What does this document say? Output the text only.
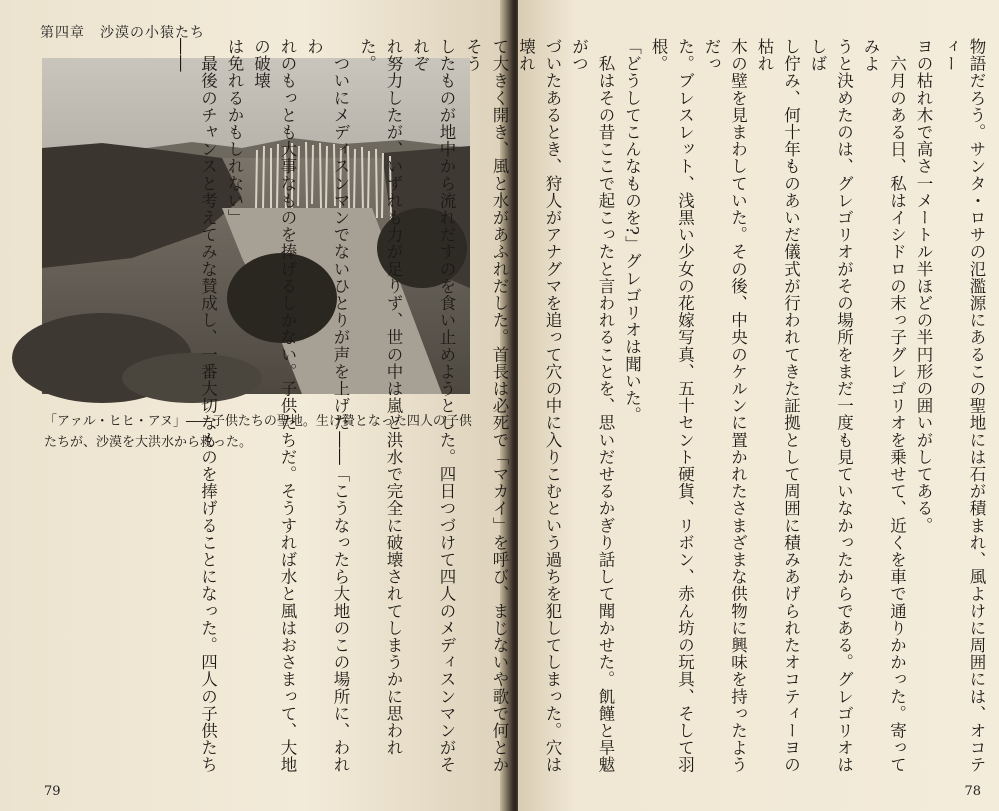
第四章　沙漠の小猿たち
「アァル・ヒヒ・アヌ」――子供たちの聖地。生け贄となった四人の子供たちが、沙漠を大洪水から救った。
79
物語だろう。サンタ・ロサの氾濫源にあるこの聖地には石が積まれ、風よけに周囲には、オコティー
ヨの枯れ木で高さ一メートル半ほどの半円形の囲いがしてある。
　六月のある日、私はイシドロの末っ子グレゴリオを乗せて、近くを車で通りかかった。寄ってみよ
うと決めたのは、グレゴリオがその場所をまだ一度も見ていなかったからである。グレゴリオはしば
し佇み、何十年ものあいだ儀式が行われてきた証拠として周囲に積みあげられたオコティーヨの枯れ
木の壁を見まわしていた。その後、中央のケルンに置かれたさまざまな供物に興味を持ったようだっ
た。ブレスレット、浅黒い少女の花嫁写真、五十セント硬貨、リボン、赤ん坊の玩具、そして羽根。
「どうしてこんなものを?」グレゴリオは聞いた。
　私はその昔ここで起こったと言われることを、思いだせるかぎり話して聞かせた。飢饉と旱魃がつ
づいたあるとき、狩人がアナグマを追って穴の中に入りこむという過ちを犯してしまった。穴は壊れ
て大きく開き、風と水があふれだした。首長は必死で「マカイ」を呼び、まじないや歌で何とかそう
したものが地中から流れだすのを食い止めようとした。四日つづけて四人のメディスンマンがそれぞ
れ努力したが、いずれも力が足りず、世の中は嵐と洪水で完全に破壊されてしまうかに思われた。
　ついにメディスンマンでないひとりが声を上げた――「こうなったら大地のこの場所に、われわ
れのもっとも大事なものを捧げるしかない。子供たちだ。そうすれば水と風はおさまって、大地の破壊
は免れるかもしれない」
　最後のチャンスと考えてみな賛成し、一番大切なものを捧げることになった。四人の子供たち――
78
